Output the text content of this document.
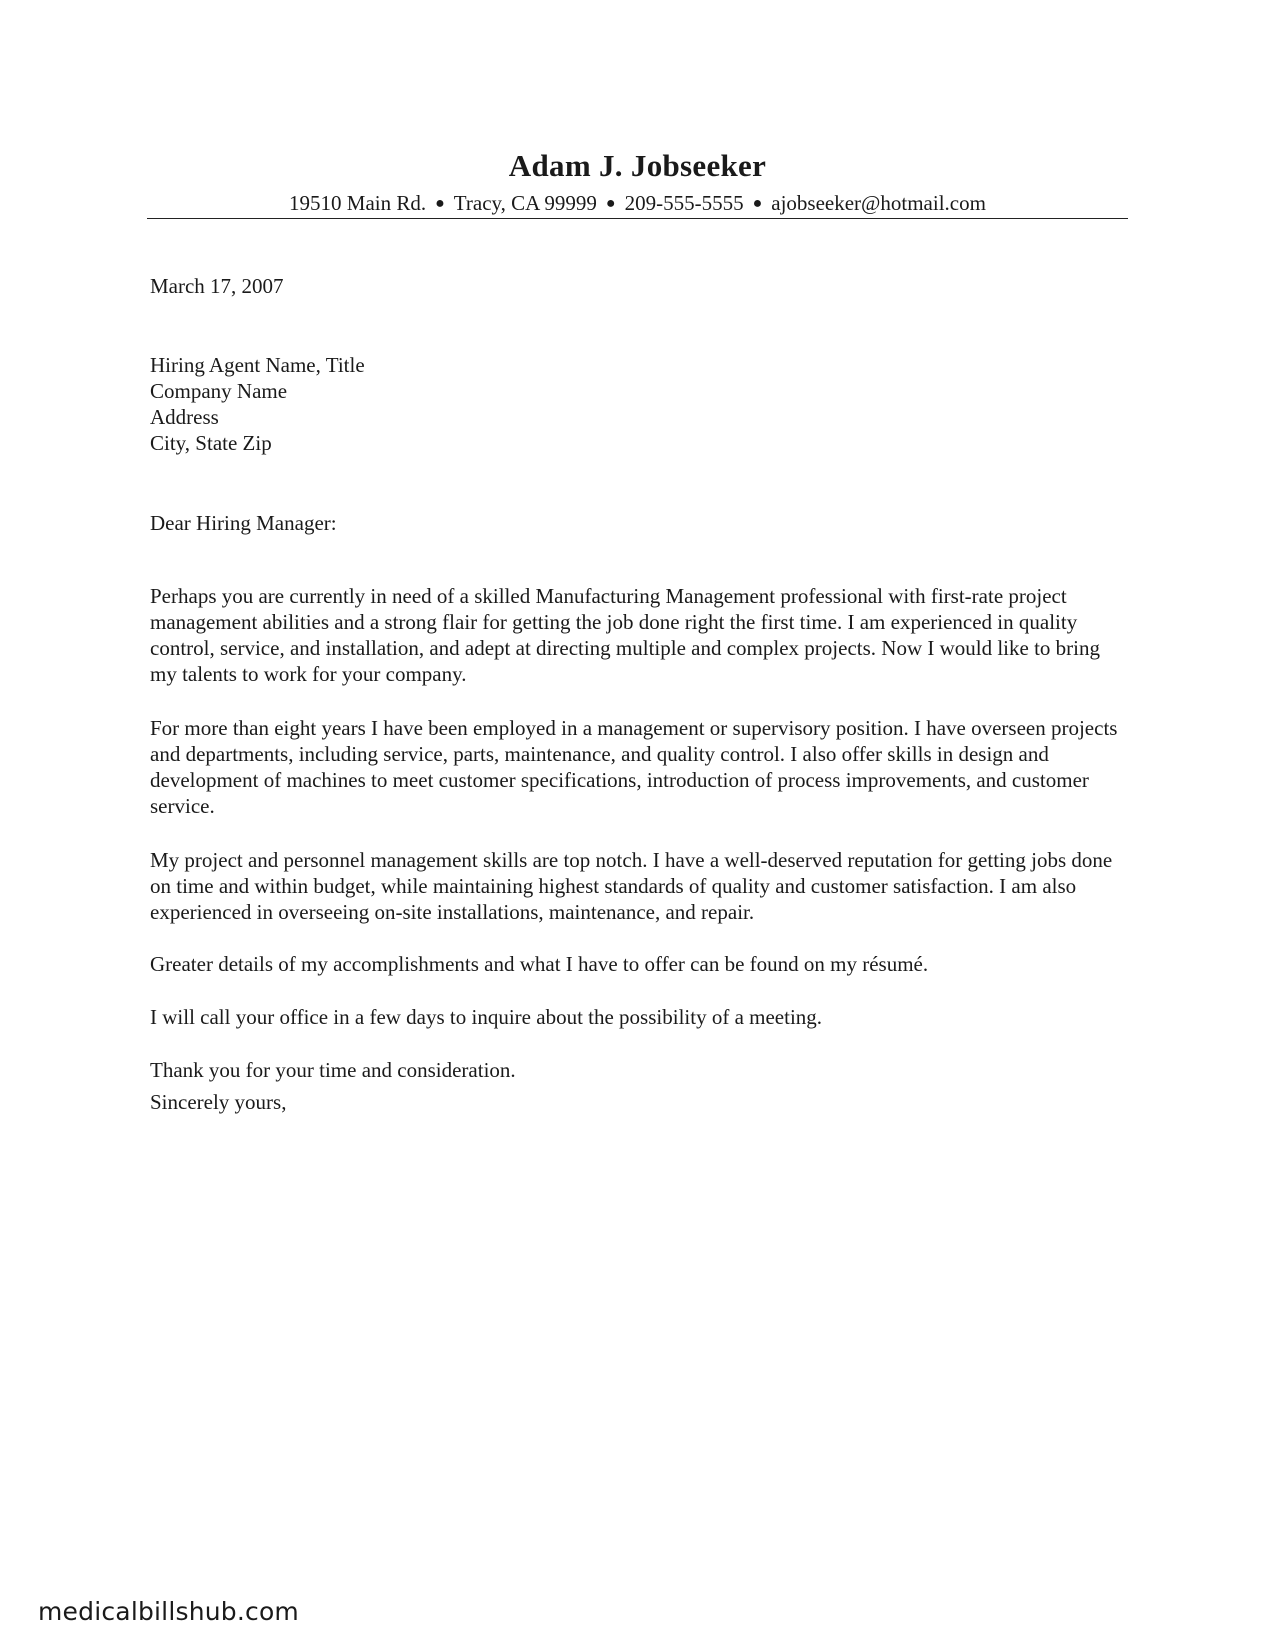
Adam J. Jobseeker
19510 Main Rd. ● Tracy, CA 99999 ● 209-555-5555 ● ajobseeker@hotmail.com
March 17, 2007
Hiring Agent Name, Title
Company Name
Address
City, State Zip
Dear Hiring Manager:

Perhaps you are currently in need of a skilled Manufacturing Management professional with first-rate project management abilities and a strong flair for getting the job done right the first time. I am experienced in quality control, service, and installation, and adept at directing multiple and complex projects. Now I would like to bring my talents to work for your company.

For more than eight years I have been employed in a management or supervisory position. I have overseen projects and departments, including service, parts, maintenance, and quality control. I also offer skills in design and development of machines to meet customer specifications, introduction of process improvements, and customer service.

My project and personnel management skills are top notch. I have a well-deserved reputation for getting jobs done on time and within budget, while maintaining highest standards of quality and customer satisfaction. I am also experienced in overseeing on-site installations, maintenance, and repair.

Greater details of my accomplishments and what I have to offer can be found on my résumé.

I will call your office in a few days to inquire about the possibility of a meeting.

Thank you for your time and consideration.

Sincerely yours,
medicalbillshub.com
